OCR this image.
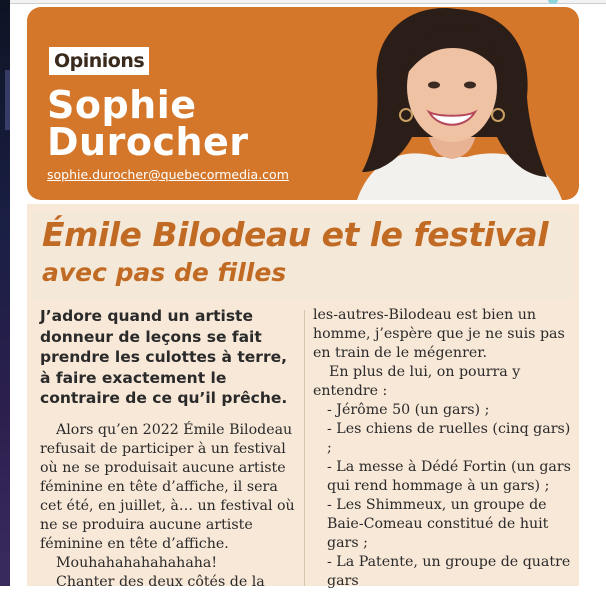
Opinions
Sophie
Durocher
sophie.durocher@quebecormedia.com
Émile Bilodeau et le festival
avec pas de filles

J’adore quand un artiste donneur de leçons se fait prendre les culottes à terre, à faire exactement le contraire de ce qu’il prêche.

Alors qu’en 2022 Émile Bilodeau refusait de participer à un festival où ne se produisait aucune artiste féminine en tête d’affiche, il sera cet été, en juillet, à… un festival où ne se produira aucune artiste féminine en tête d’affiche.

Mouhahahahahahaha!

Chanter des deux côtés de la

les-autres-Bilodeau est bien un homme, j’espère que je ne suis pas en train de le mégenrer.

En plus de lui, on pourra y entendre :

- Jérôme 50 (un gars) ;

- Les chiens de ruelles (cinq gars) ;

- La messe à Dédé Fortin (un gars qui rend hommage à un gars) ;

- Les Shimmeux, un groupe de Baie-Comeau constitué de huit gars ;

- La Patente, un groupe de quatre gars
